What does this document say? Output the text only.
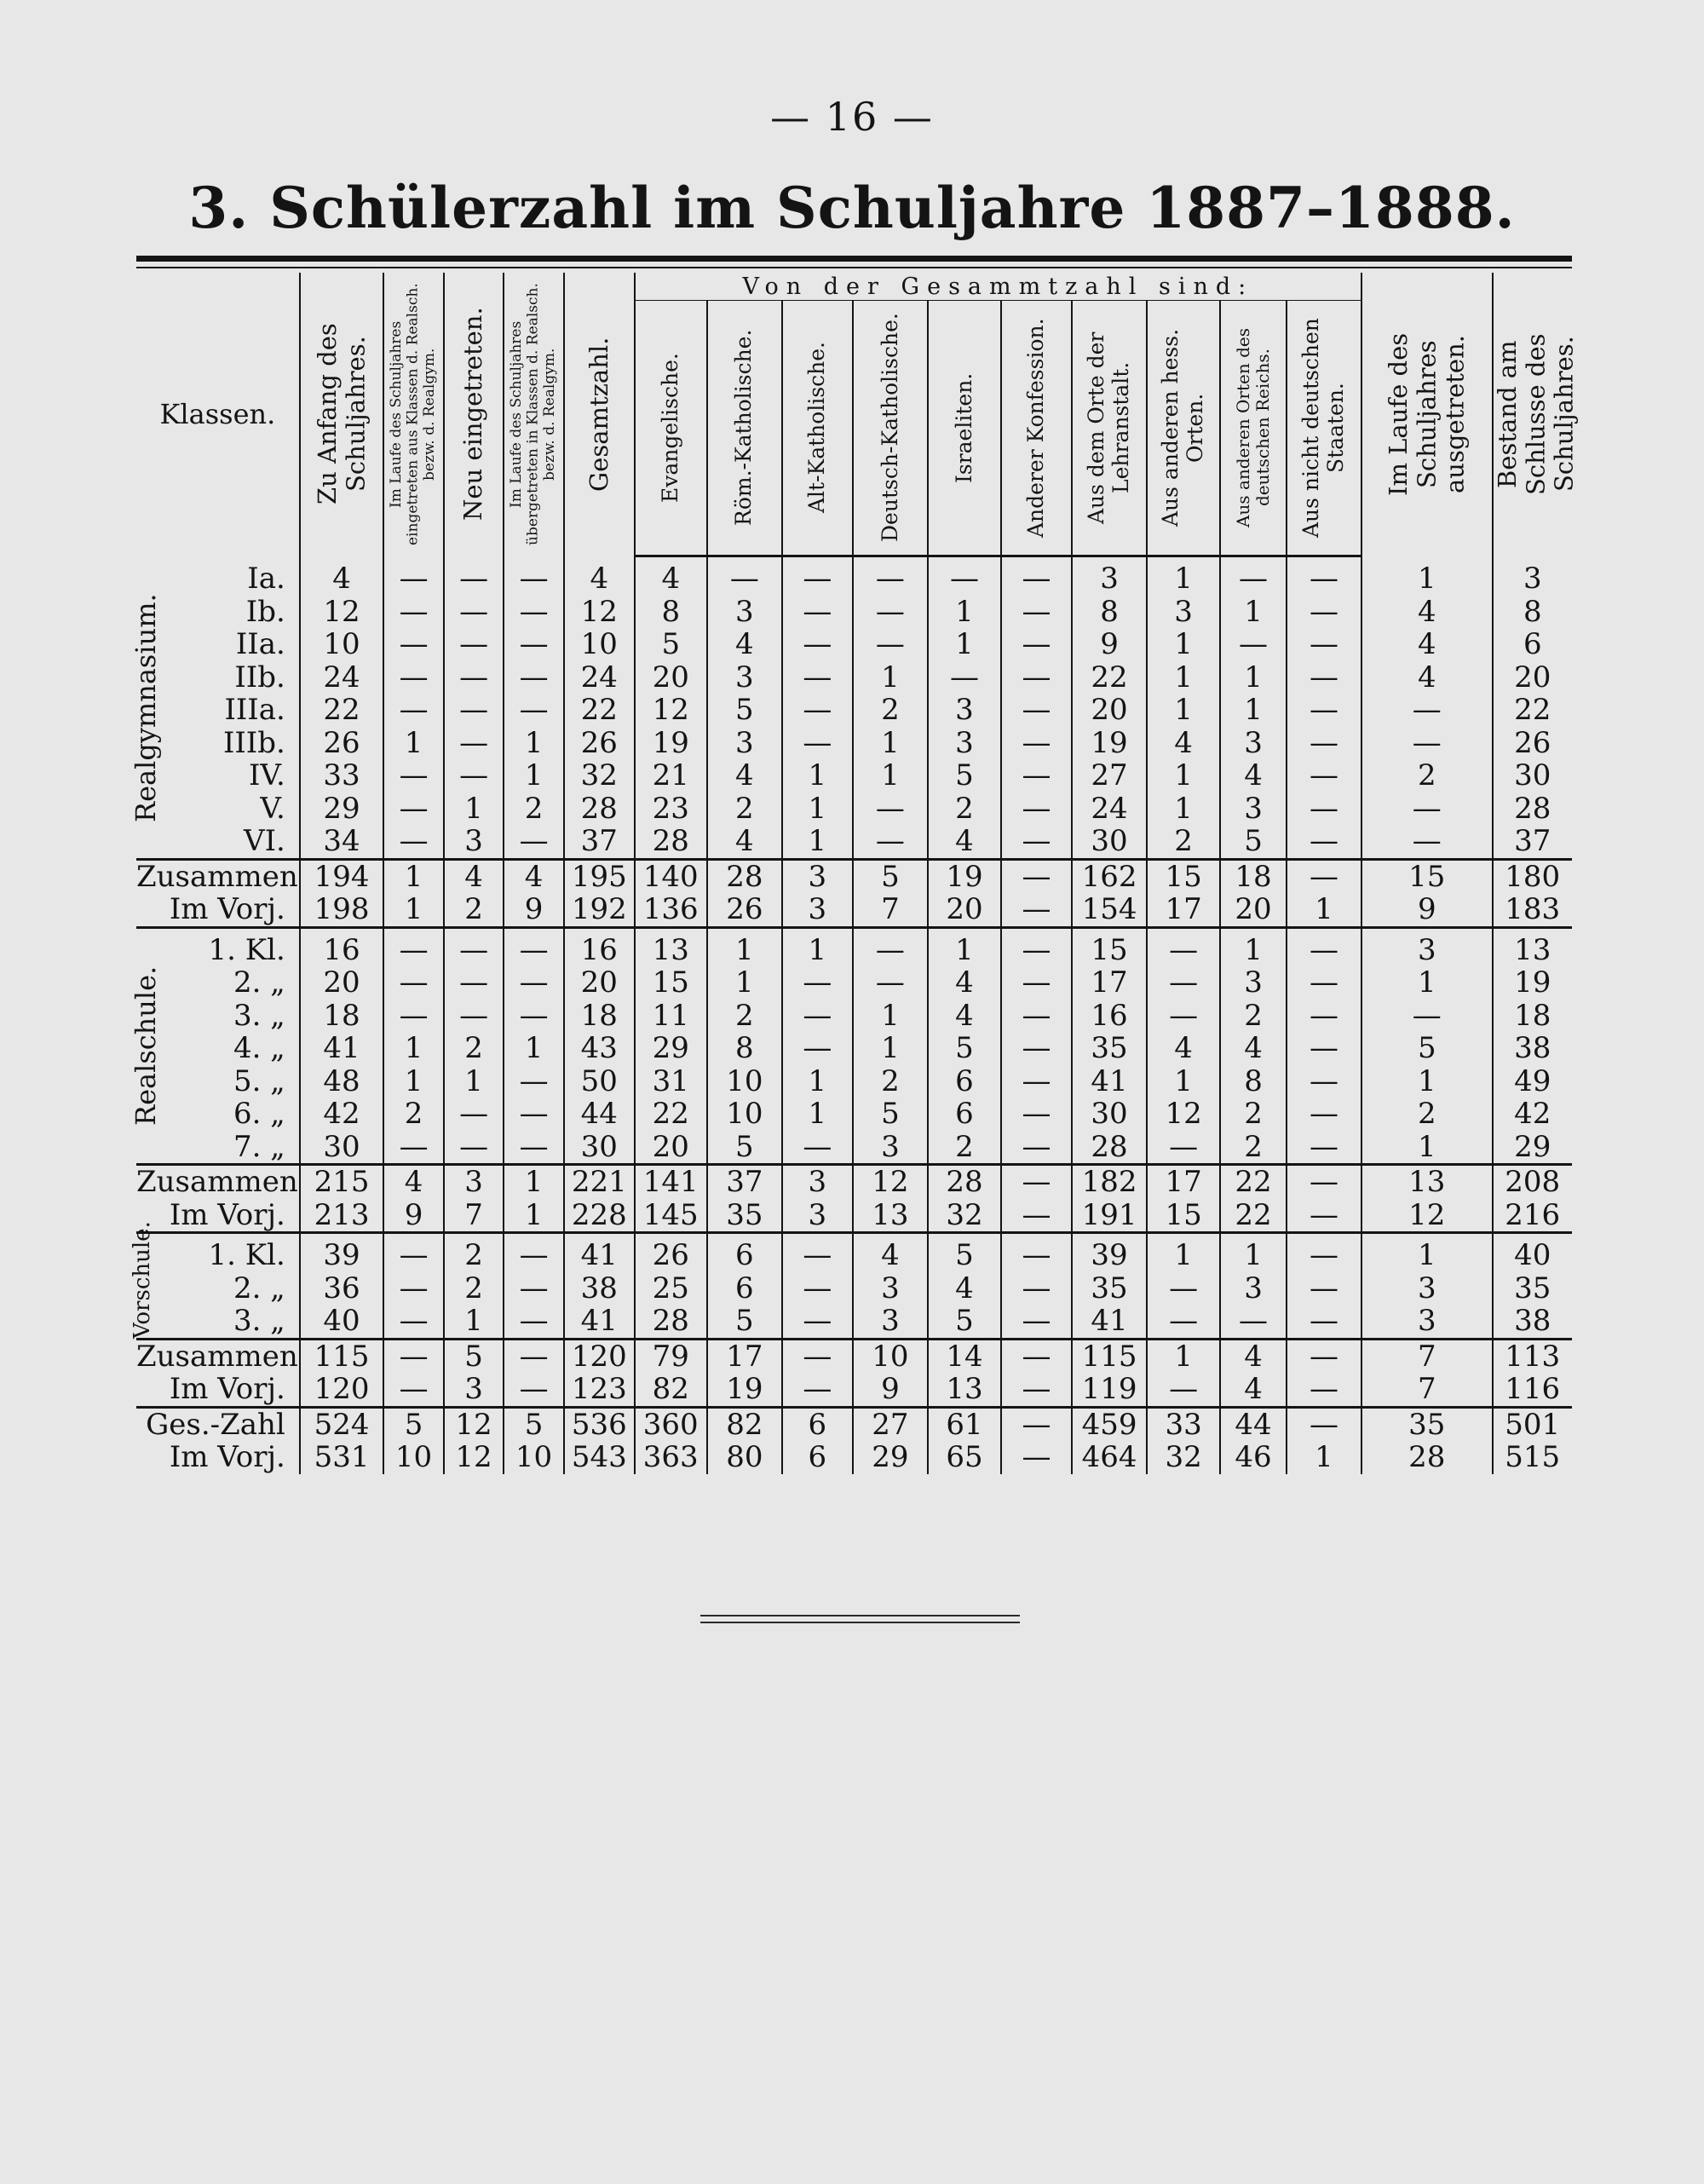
— 16 —
3. Schülerzahl im Schuljahre 1887–1888.
Klassen.	Zu Anfang des Schuljahres.	Im Laufe des Schuljahres eingetreten aus Klassen d. Realsch. bezw. d. Realgym.	Neu eingetreten.	Im Laufe des Schuljahres übergetreten in Klassen d. Realsch. bezw. d. Realgym.	Gesamtzahl.	Von der Gesammtzahl sind:										Im Laufe des Schuljahres ausgetreten.	Bestand am Schlusse des Schuljahres.

						Evangelische.	Röm.-Katholische.	Alt-Katholische.	Deutsch-Katholische.	Israeliten.	Anderer Konfession.	Aus dem Orte der Lehranstalt.	Aus anderen hess. Orten.	Aus anderen Orten des deutschen Reichs.	Aus nicht deutschen Staaten.		

Ia.	4	—	—	—	4	4	—	—	—	—	—	3	1	—	—	1	3
Ib.	12	—	—	—	12	8	3	—	—	1	—	8	3	1	—	4	8
IIa.	10	—	—	—	10	5	4	—	—	1	—	9	1	—	—	4	6
IIb.	24	—	—	—	24	20	3	—	1	—	—	22	1	1	—	4	20
IIIa.	22	—	—	—	22	12	5	—	2	3	—	20	1	1	—	—	22
IIIb.	26	1	—	1	26	19	3	—	1	3	—	19	4	3	—	—	26
IV.	33	—	—	1	32	21	4	1	1	5	—	27	1	4	—	2	30
V.	29	—	1	2	28	23	2	1	—	2	—	24	1	3	—	—	28
VI.	34	—	3	—	37	28	4	1	—	4	—	30	2	5	—	—	37
Zusammen	194	1	4	4	195	140	28	3	5	19	—	162	15	18	—	15	180
Im Vorj.	198	1	2	9	192	136	26	3	7	20	—	154	17	20	1	9	183
1. Kl.	16	—	—	—	16	13	1	1	—	1	—	15	—	1	—	3	13
2. „	20	—	—	—	20	15	1	—	—	4	—	17	—	3	—	1	19
3. „	18	—	—	—	18	11	2	—	1	4	—	16	—	2	—	—	18
4. „	41	1	2	1	43	29	8	—	1	5	—	35	4	4	—	5	38
5. „	48	1	1	—	50	31	10	1	2	6	—	41	1	8	—	1	49
6. „	42	2	—	—	44	22	10	1	5	6	—	30	12	2	—	2	42
7. „	30	—	—	—	30	20	5	—	3	2	—	28	—	2	—	1	29
Zusammen	215	4	3	1	221	141	37	3	12	28	—	182	17	22	—	13	208
Im Vorj.	213	9	7	1	228	145	35	3	13	32	—	191	15	22	—	12	216
1. Kl.	39	—	2	—	41	26	6	—	4	5	—	39	1	1	—	1	40
2. „	36	—	2	—	38	25	6	—	3	4	—	35	—	3	—	3	35
3. „	40	—	1	—	41	28	5	—	3	5	—	41	—	—	—	3	38
Zusammen	115	—	5	—	120	79	17	—	10	14	—	115	1	4	—	7	113
Im Vorj.	120	—	3	—	123	82	19	—	9	13	—	119	—	4	—	7	116
Ges.-Zahl	524	5	12	5	536	360	82	6	27	61	—	459	33	44	—	35	501
Im Vorj.	531	10	12	10	543	363	80	6	29	65	—	464	32	46	1	28	515
Realgymnasium.
Realschule.
Vorschule.
